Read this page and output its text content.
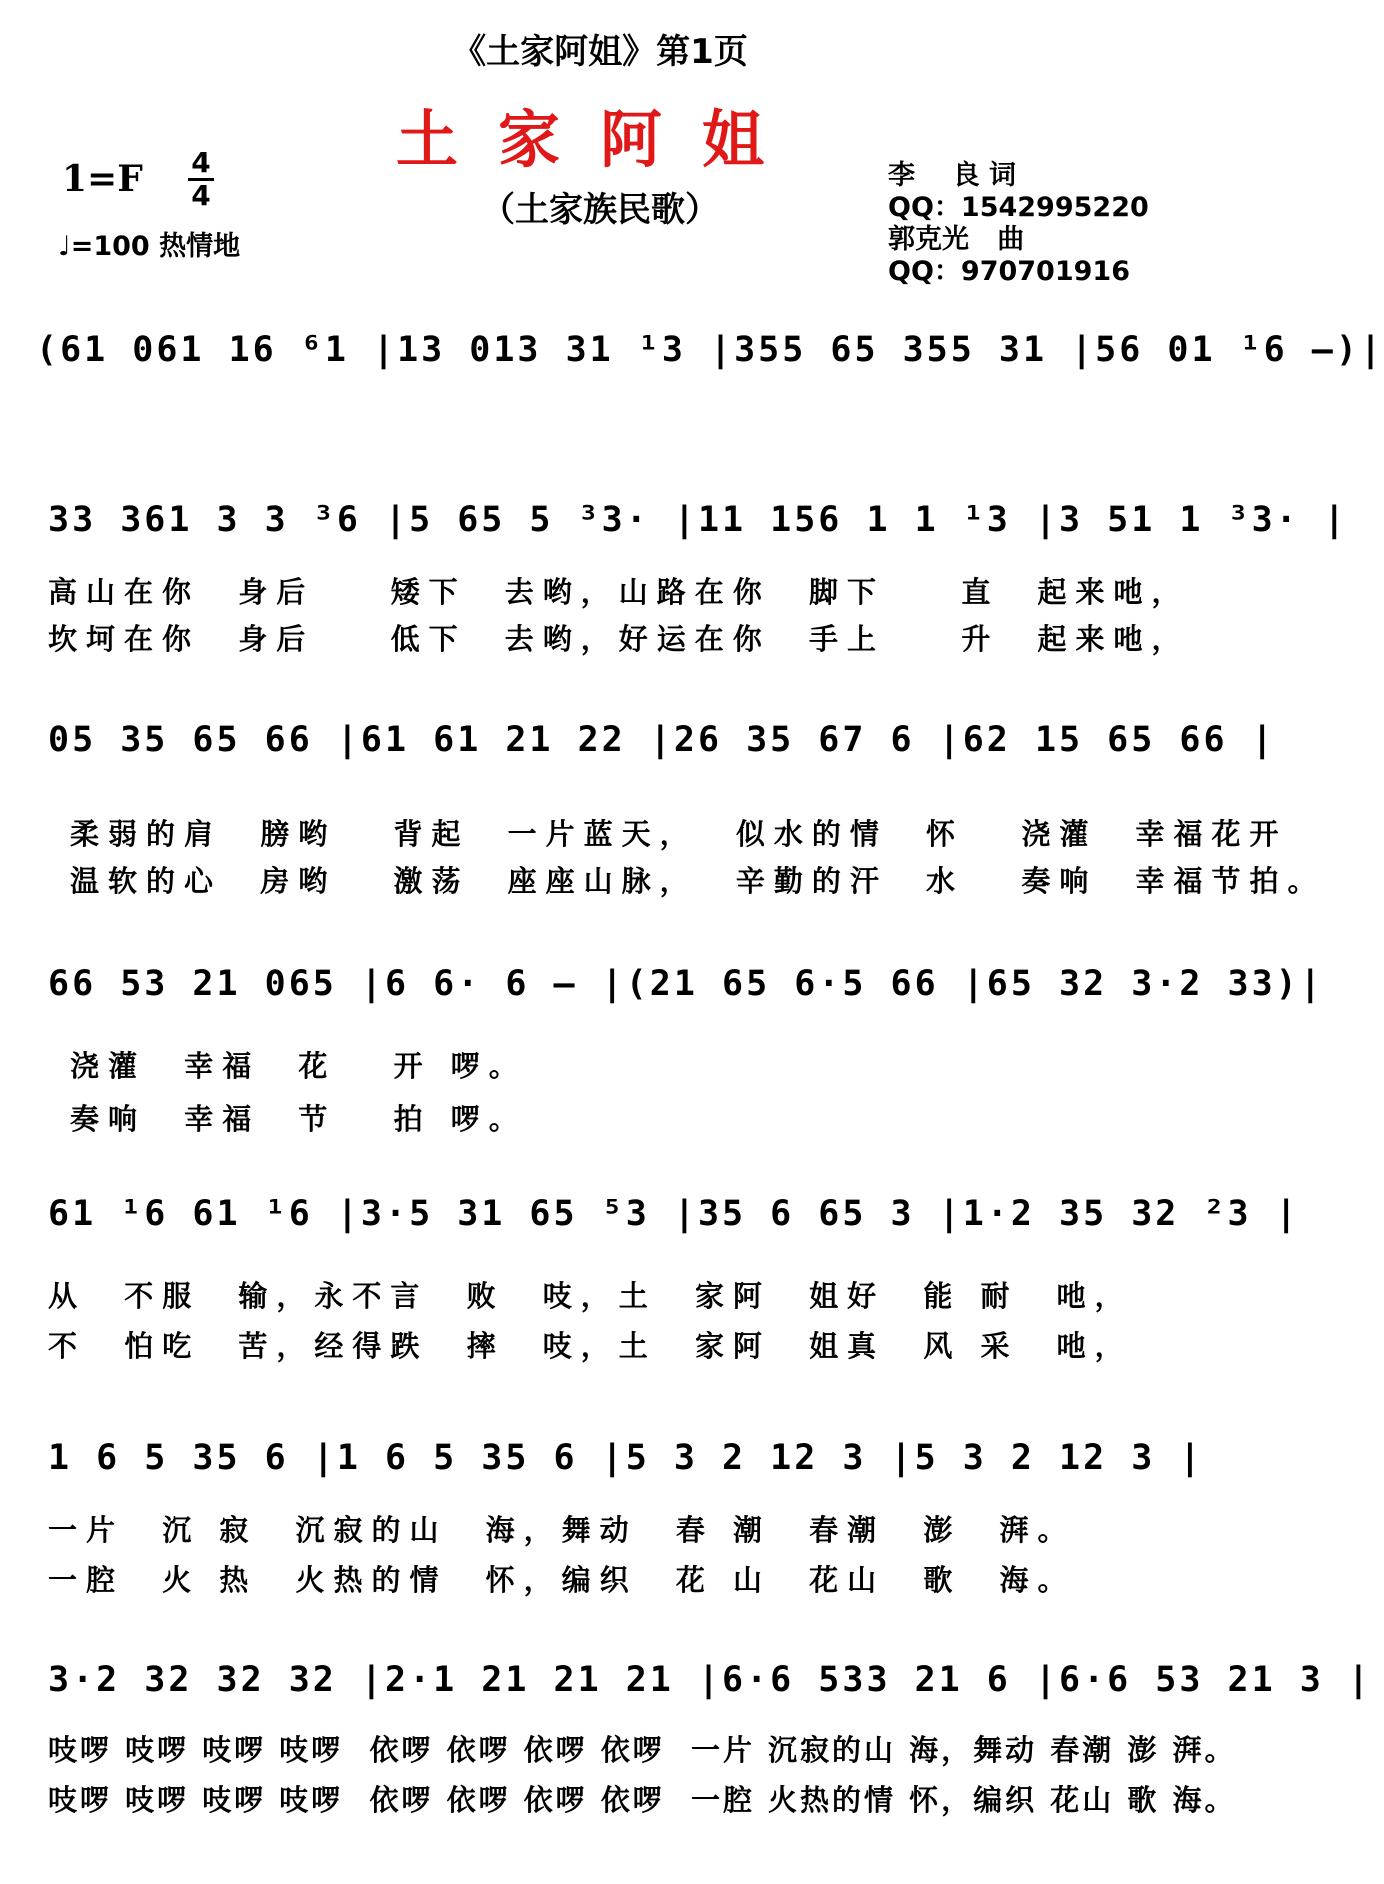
《土家阿姐》第1页
土家阿姐
（土家族民歌）
1=F 4
4
♩=100 热情地
李    良 词
QQ：1542995220
郭克光   曲
QQ：970701916
(61 061 16 ⁶1 |13 013 31 ¹3 |355 65 355 31 |56 01 ¹6 –)|
33 361 3 3 ³6 |5 65 5 ³3· |11 156 1 1 ¹3 |3 51 1 ³3· |
高山在你  身后    矮下  去哟，山路在你  脚下    直  起来吔，
坎坷在你  身后    低下  去哟，好运在你  手上    升  起来吔，
05 35 65 66 |61 61 21 22 |26 35 67 6 |62 15 65 66 |
柔弱的肩  膀哟   背起  一片蓝天，  似水的情  怀   浇灌  幸福花开
温软的心  房哟   激荡  座座山脉，  辛勤的汗  水   奏响  幸福节拍。
66 53 21 065 |6 6· 6 – |(21 65 6·5 66 |65 32 3·2 33)|
浇灌  幸福  花   开 啰。
奏响  幸福  节   拍 啰。
61 ¹6 61 ¹6 |3·5 31 65 ⁵3 |35 6 65 3 |1·2 35 32 ²3 |
从  不服  输，永不言  败  吱，土  家阿  姐好  能 耐  吔，
不  怕吃  苦，经得跌  摔  吱，土  家阿  姐真  风 采  吔，
1 6 5 35 6 |1 6 5 35 6 |5 3 2 12 3 |5 3 2 12 3 |
一片  沉 寂  沉寂的山  海，舞动  春 潮  春潮  澎  湃。
一腔  火 热  火热的情  怀，编织  花 山  花山  歌  海。
3·2 32 32 32 |2·1 21 21 21 |6·6 533 21 6 |6·6 53 21 3 |
吱啰 吱啰 吱啰 吱啰  依啰 依啰 依啰 依啰  一片 沉寂的山 海，舞动 春潮 澎 湃。
吱啰 吱啰 吱啰 吱啰  依啰 依啰 依啰 依啰  一腔 火热的情 怀，编织 花山 歌 海。
